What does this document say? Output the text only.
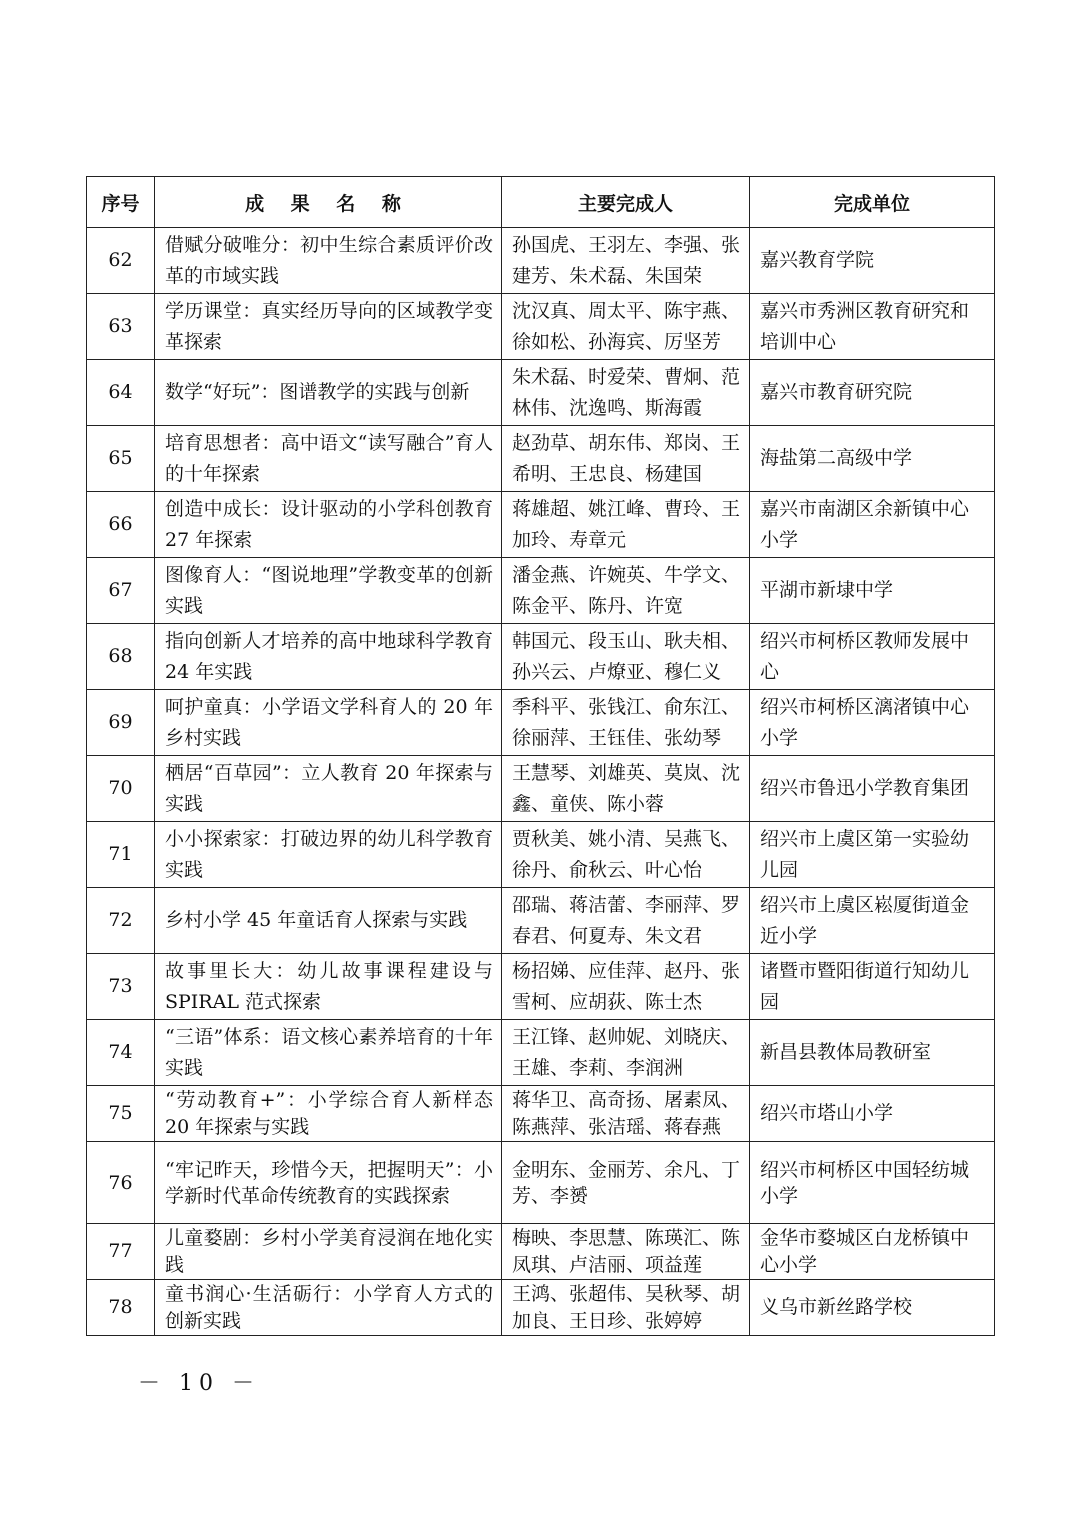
序号	成 果 名 称	主要完成人	完成单位
62	借赋分破唯分：初中生综合素质评价改革的市域实践	孙国虎、王羽左、李强、张建芳、朱术磊、朱国荣	嘉兴教育学院
63	学历课堂：真实经历导向的区域教学变革探索	沈汉真、周太平、陈宇燕、徐如松、孙海宾、厉坚芳	嘉兴市秀洲区教育研究和培训中心
64	数学“好玩”：图谱教学的实践与创新	朱术磊、时爱荣、曹炯、范林伟、沈逸鸣、斯海霞	嘉兴市教育研究院
65	培育思想者：高中语文“读写融合”育人的十年探索	赵劲草、胡东伟、郑岗、王希明、王忠良、杨建国	海盐第二高级中学
66	创造中成长：设计驱动的小学科创教育 27 年探索	蒋雄超、姚江峰、曹玲、王加玲、寿章元	嘉兴市南湖区余新镇中心小学
67	图像育人：“图说地理”学教变革的创新实践	潘金燕、许婉英、牛学文、陈金平、陈丹、许宽	平湖市新埭中学
68	指向创新人才培养的高中地球科学教育 24 年实践	韩国元、段玉山、耿夫相、孙兴云、卢燎亚、穆仁义	绍兴市柯桥区教师发展中心
69	呵护童真：小学语文学科育人的 20 年乡村实践	季科平、张钱江、俞东江、徐丽萍、王钰佳、张幼琴	绍兴市柯桥区漓渚镇中心小学
70	栖居“百草园”：立人教育 20 年探索与实践	王慧琴、刘雄英、莫岚、沈鑫、童侠、陈小蓉	绍兴市鲁迅小学教育集团
71	小小探索家：打破边界的幼儿科学教育实践	贾秋美、姚小清、吴燕飞、徐丹、俞秋云、叶心怡	绍兴市上虞区第一实验幼儿园
72	乡村小学 45 年童话育人探索与实践	邵瑞、蒋洁蕾、李丽萍、罗春君、何夏寿、朱文君	绍兴市上虞区崧厦街道金近小学
73	故事里长大：幼儿故事课程建设与 SPIRAL 范式探索	杨招娣、应佳萍、赵丹、张雪柯、应胡荻、陈士杰	诸暨市暨阳街道行知幼儿园
74	“三语”体系：语文核心素养培育的十年实践	王江锋、赵帅妮、刘晓庆、王雄、李莉、李润洲	新昌县教体局教研室
75	“劳动教育+”：小学综合育人新样态 20 年探索与实践	蒋华卫、高奇扬、屠素凤、陈燕萍、张洁瑶、蒋春燕	绍兴市塔山小学
76	“牢记昨天，珍惜今天，把握明天”：小学新时代革命传统教育的实践探索	金明东、金丽芳、余凡、丁芳、李赟	绍兴市柯桥区中国轻纺城小学
77	儿童婺剧：乡村小学美育浸润在地化实践	梅映、李思慧、陈瑛汇、陈凤琪、卢洁丽、项益莲	金华市婺城区白龙桥镇中心小学
78	童书润心·生活砺行：小学育人方式的创新实践	王鸿、张超伟、吴秋琴、胡加良、王日珍、张婷婷	义乌市新丝路学校
－ 10 －
